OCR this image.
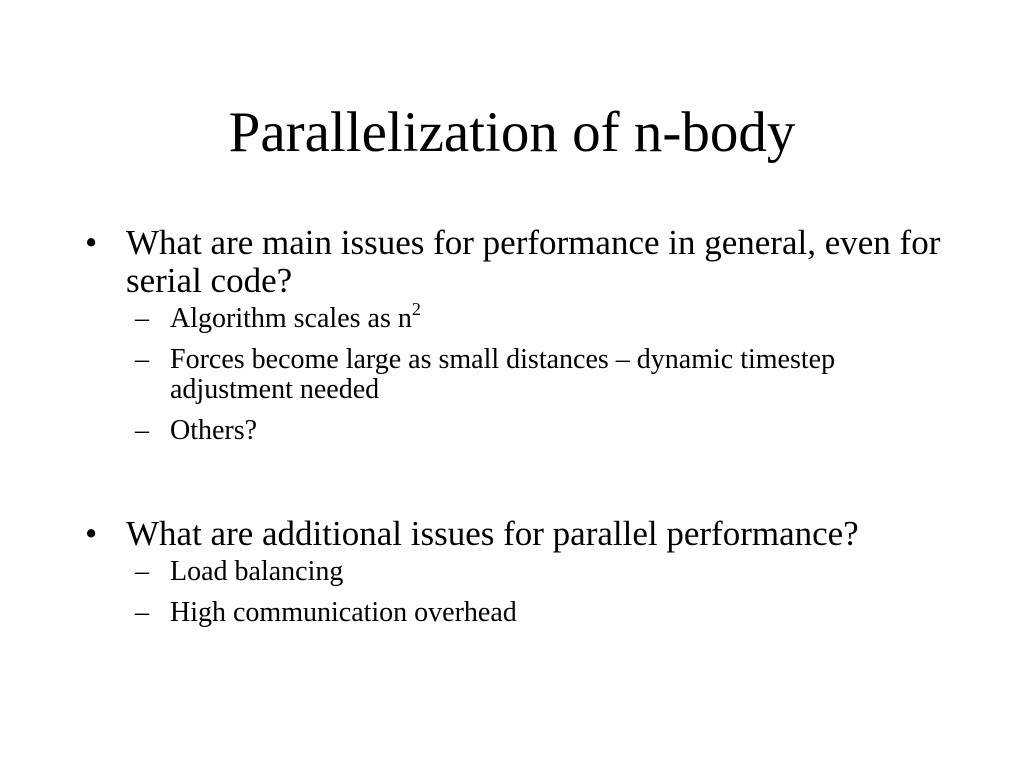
Parallelization of n-body
• What are main issues for performance in general, even for serial code?
– Algorithm scales as $n^2$
– Forces become large as small distances – dynamic timestep adjustment needed
– Others?
• What are additional issues for parallel performance?
– Load balancing
– High communication overhead
